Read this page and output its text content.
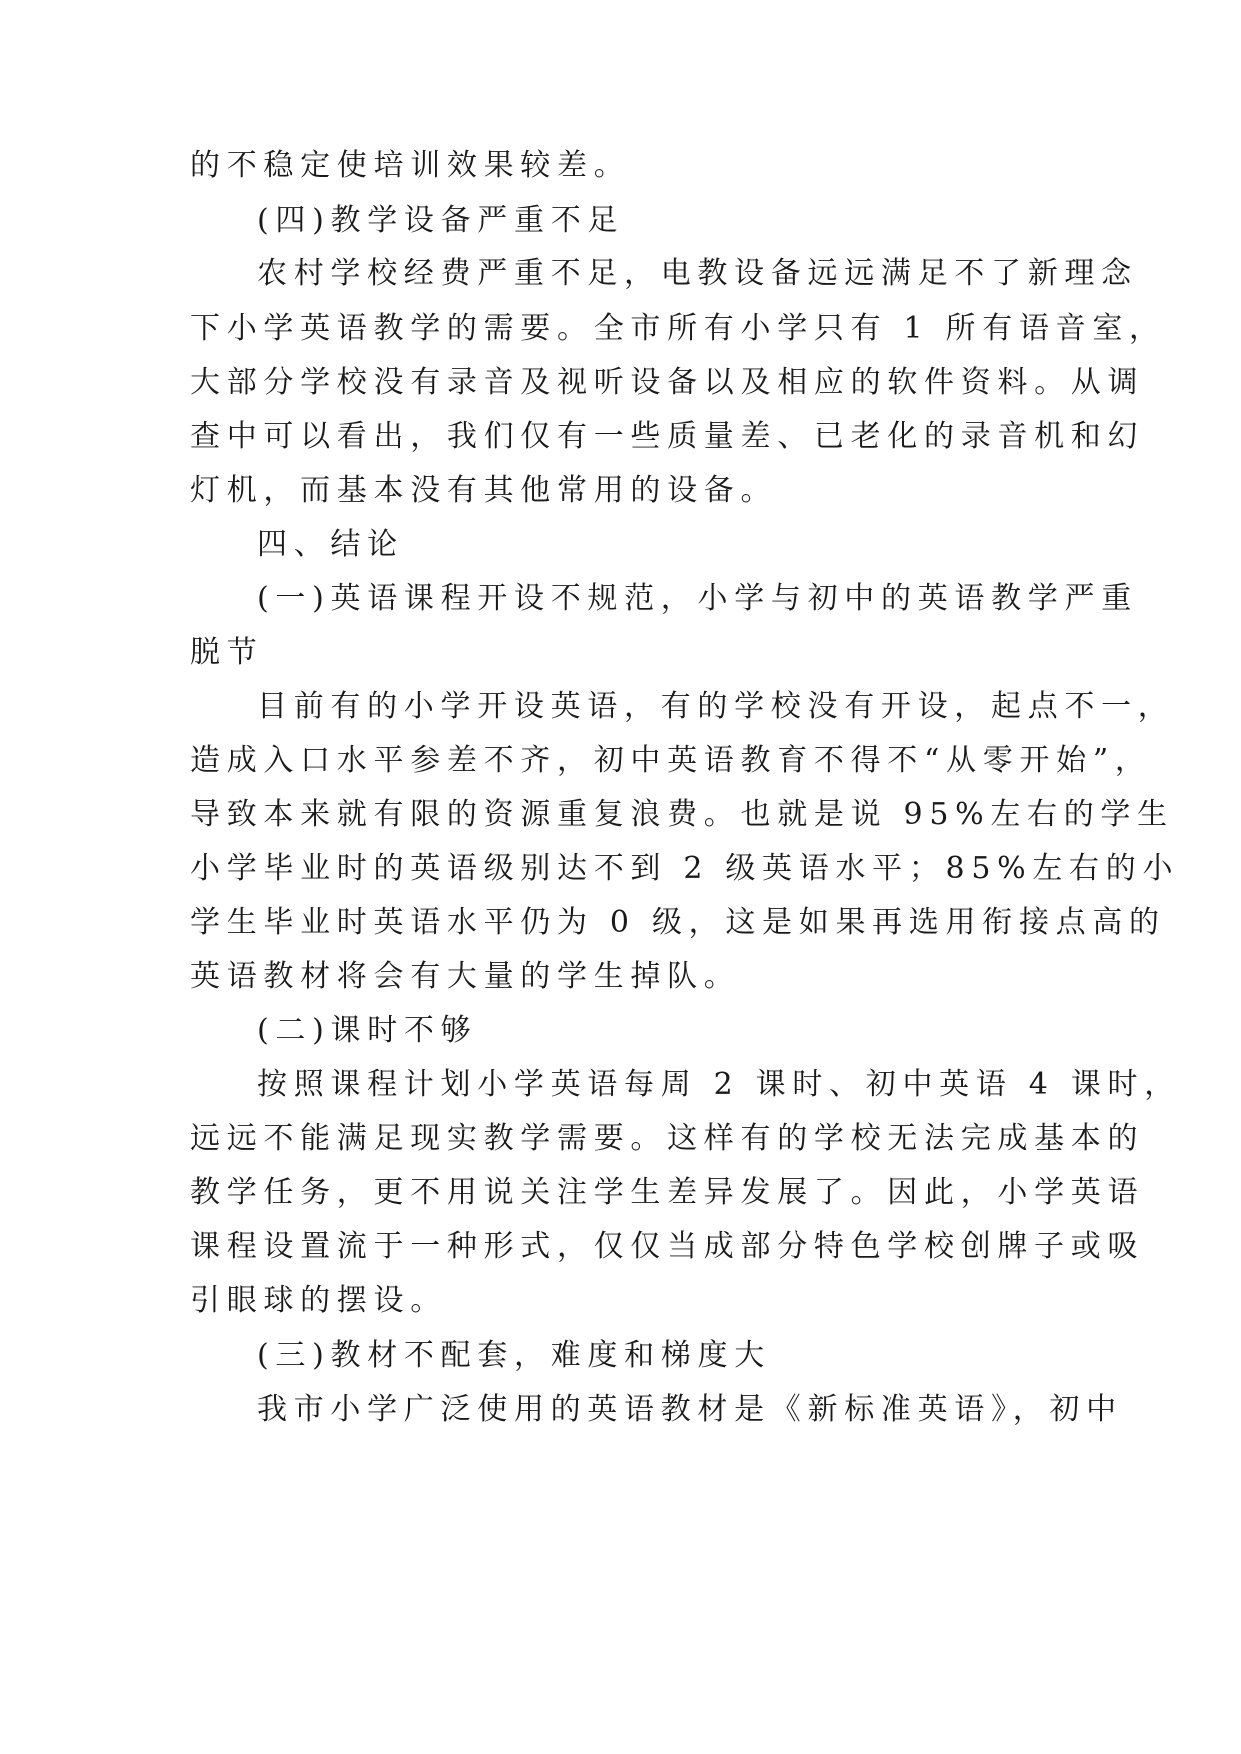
的不稳定使培训效果较差。
(四)教学设备严重不足
农村学校经费严重不足，电教设备远远满足不了新理念
下小学英语教学的需要。全市所有小学只有 1 所有语音室，
大部分学校没有录音及视听设备以及相应的软件资料。从调
查中可以看出，我们仅有一些质量差、已老化的录音机和幻
灯机，而基本没有其他常用的设备。
四、结论
(一)英语课程开设不规范，小学与初中的英语教学严重
脱节
目前有的小学开设英语，有的学校没有开设，起点不一，
造成入口水平参差不齐，初中英语教育不得不“从零开始”，
导致本来就有限的资源重复浪费。也就是说 95%左右的学生
小学毕业时的英语级别达不到 2 级英语水平；85%左右的小
学生毕业时英语水平仍为 0 级，这是如果再选用衔接点高的
英语教材将会有大量的学生掉队。
(二)课时不够
按照课程计划小学英语每周 2 课时、初中英语 4 课时，
远远不能满足现实教学需要。这样有的学校无法完成基本的
教学任务，更不用说关注学生差异发展了。因此，小学英语
课程设置流于一种形式，仅仅当成部分特色学校创牌子或吸
引眼球的摆设。
(三)教材不配套，难度和梯度大
我市小学广泛使用的英语教材是《新标准英语》，初中
